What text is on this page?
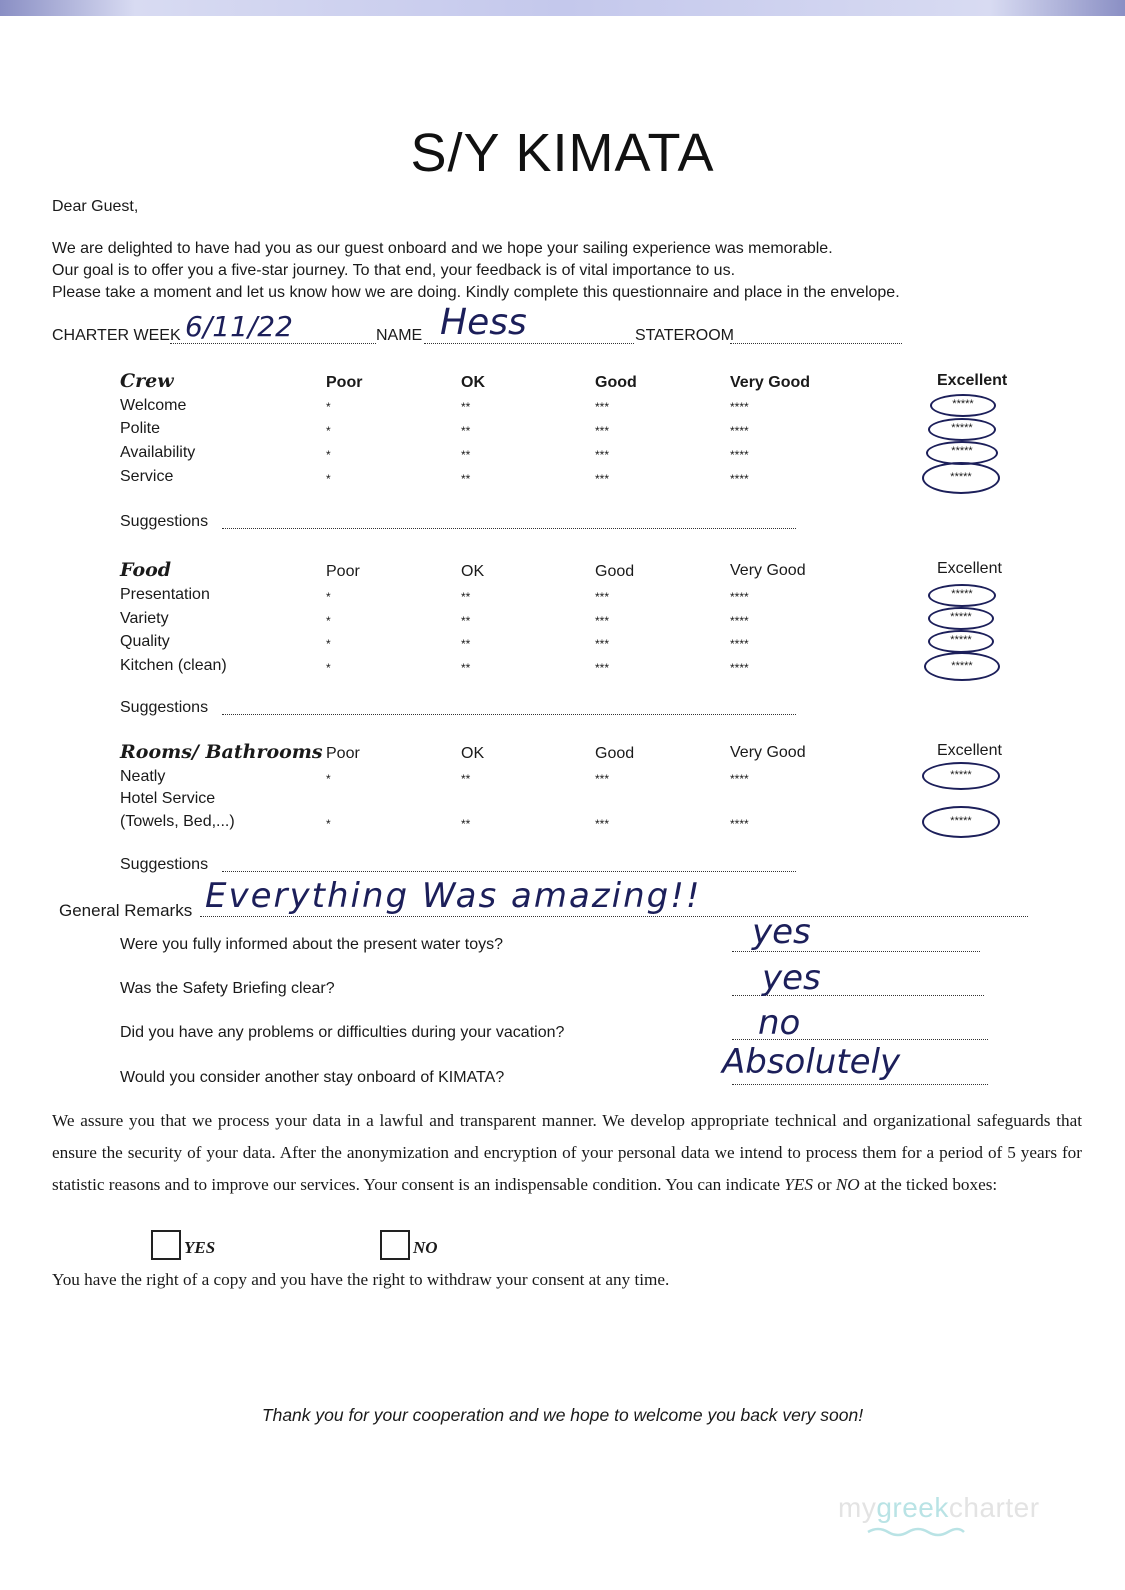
S/Y KIMATA
Dear Guest,
We are delighted to have had you as our guest onboard and we hope your sailing experience was memorable.
Our goal is to offer you a five-star journey. To that end, your feedback is of vital importance to us.
Please take a moment and let us know how we are doing. Kindly complete this questionnaire and place in the envelope.
CHARTER WEEK 6/11/22	NAME Hess	STATEROOM
Crew	Poor	OK	Good	Very Good	Excellent
Welcome	*	**	***	****	*****
Polite	*	**	***	****	*****
Availability	*	**	***	****	*****
Service	*	**	***	****	*****
Suggestions
Food	Poor	OK	Good	Very Good	Excellent
Presentation	*	**	***	****	*****
Variety	*	**	***	****	*****
Quality	*	**	***	****	*****
Kitchen (clean)	*	**	***	****	*****
Suggestions
Rooms/ Bathrooms Poor	OK	Good	Very Good	Excellent
Neatly	*	**	***	****	*****
Hotel Service
(Towels, Bed,...)	*	**	***	****	*****
Suggestions
General Remarks Everything Was amazing!!
Were you fully informed about the present water toys?	yes
Was the Safety Briefing clear?	yes
Did you have any problems or difficulties during your vacation?	no
Would you consider another stay onboard of KIMATA?	Absolutely
We assure you that we process your data in a lawful and transparent manner. We develop appropriate technical and organizational safeguards that ensure the security of your data. After the anonymization and encryption of your personal data we intend to process them for a period of 5 years for statistic reasons and to improve our services. Your consent is an indispensable condition. You can indicate YES or NO at the ticked boxes:
YES	NO
You have the right of a copy and you have the right to withdraw your consent at any time.
Thank you for your cooperation and we hope to welcome you back very soon!
mygreekcharter
